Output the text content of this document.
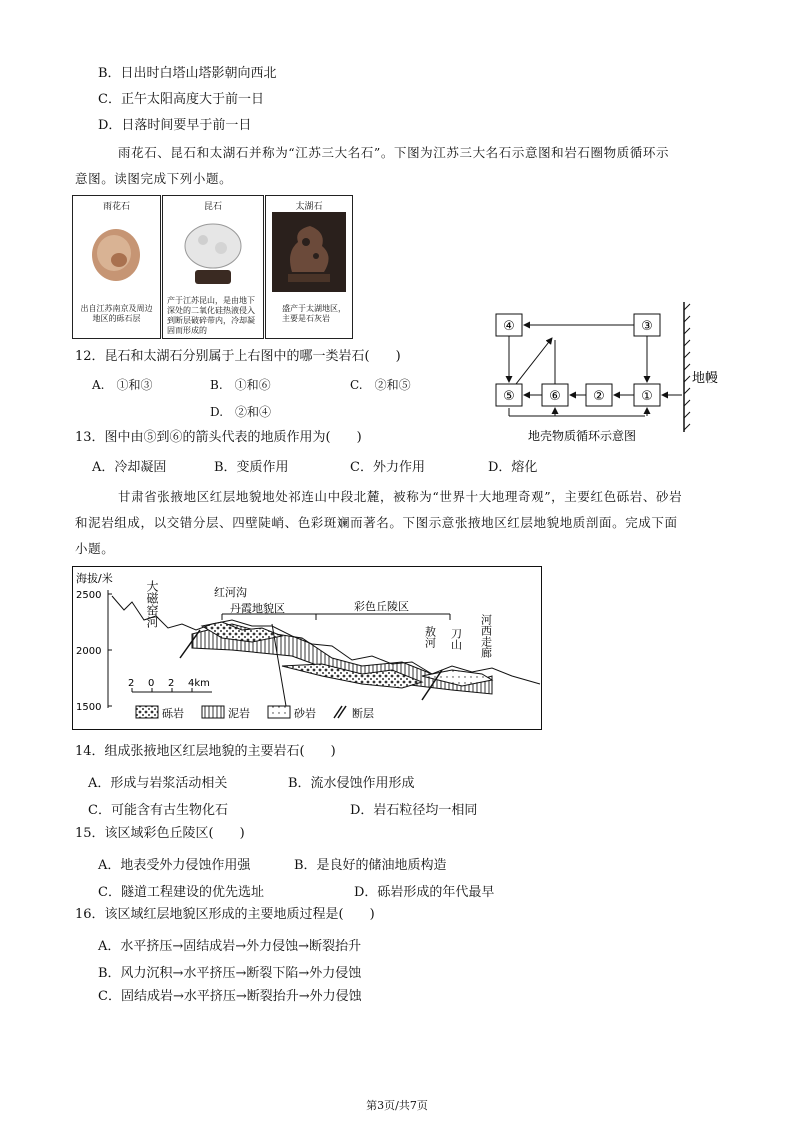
B．日出时白塔山塔影朝向西北
C．正午太阳高度大于前一日
D．日落时间要早于前一日
雨花石、昆石和太湖石并称为“江苏三大名石”。下图为江苏三大名石示意图和岩石圈物质循环示
意图。读图完成下列小题。
雨花石
出自江苏南京及周边地区的砾石层
昆石
产于江苏昆山，是由地下深处的二氧化硅热液侵入到断层破碎带内，冷却凝固而形成的
太湖石
盛产于太湖地区，主要是石灰岩
④	③
⑤	⑥ ②	①
地幔
地壳物质循环示意图
12．昆石和太湖石分别属于上右图中的哪一类岩石(　　)
A.　①和③	B.　①和⑥	C.　②和⑤
D.　②和④
13．图中由⑤到⑥的箭头代表的地质作用为(　　)
A．冷却凝固	B．变质作用	C．外力作用	D．熔化
甘肃省张掖地区红层地貌地处祁连山中段北麓，被称为“世界十大地理奇观”，主要红色砾岩、砂岩
和泥岩组成，以交错分层、四壁陡峭、色彩斑斓而著名。下图示意张掖地区红层地貌地质剖面。完成下面
小题。
海拔/米
2500
2000
1500
大磁窑河	红河沟
丹霞地貌区	彩色丘陵区
敖河 刀山 河西走廊
2 0 2 4km
砾岩	泥岩	砂岩	断层
14．组成张掖地区红层地貌的主要岩石(　　)
A．形成与岩浆活动相关	B．流水侵蚀作用形成
C．可能含有古生物化石	D．岩石粒径均一相同
15．该区域彩色丘陵区(　　)
A．地表受外力侵蚀作用强	B．是良好的储油地质构造
C．隧道工程建设的优先选址	D．砾岩形成的年代最早
16．该区域红层地貌区形成的主要地质过程是(　　)
A．水平挤压→固结成岩→外力侵蚀→断裂抬升
B．风力沉积→水平挤压→断裂下陷→外力侵蚀
C．固结成岩→水平挤压→断裂抬升→外力侵蚀
第3页/共7页
